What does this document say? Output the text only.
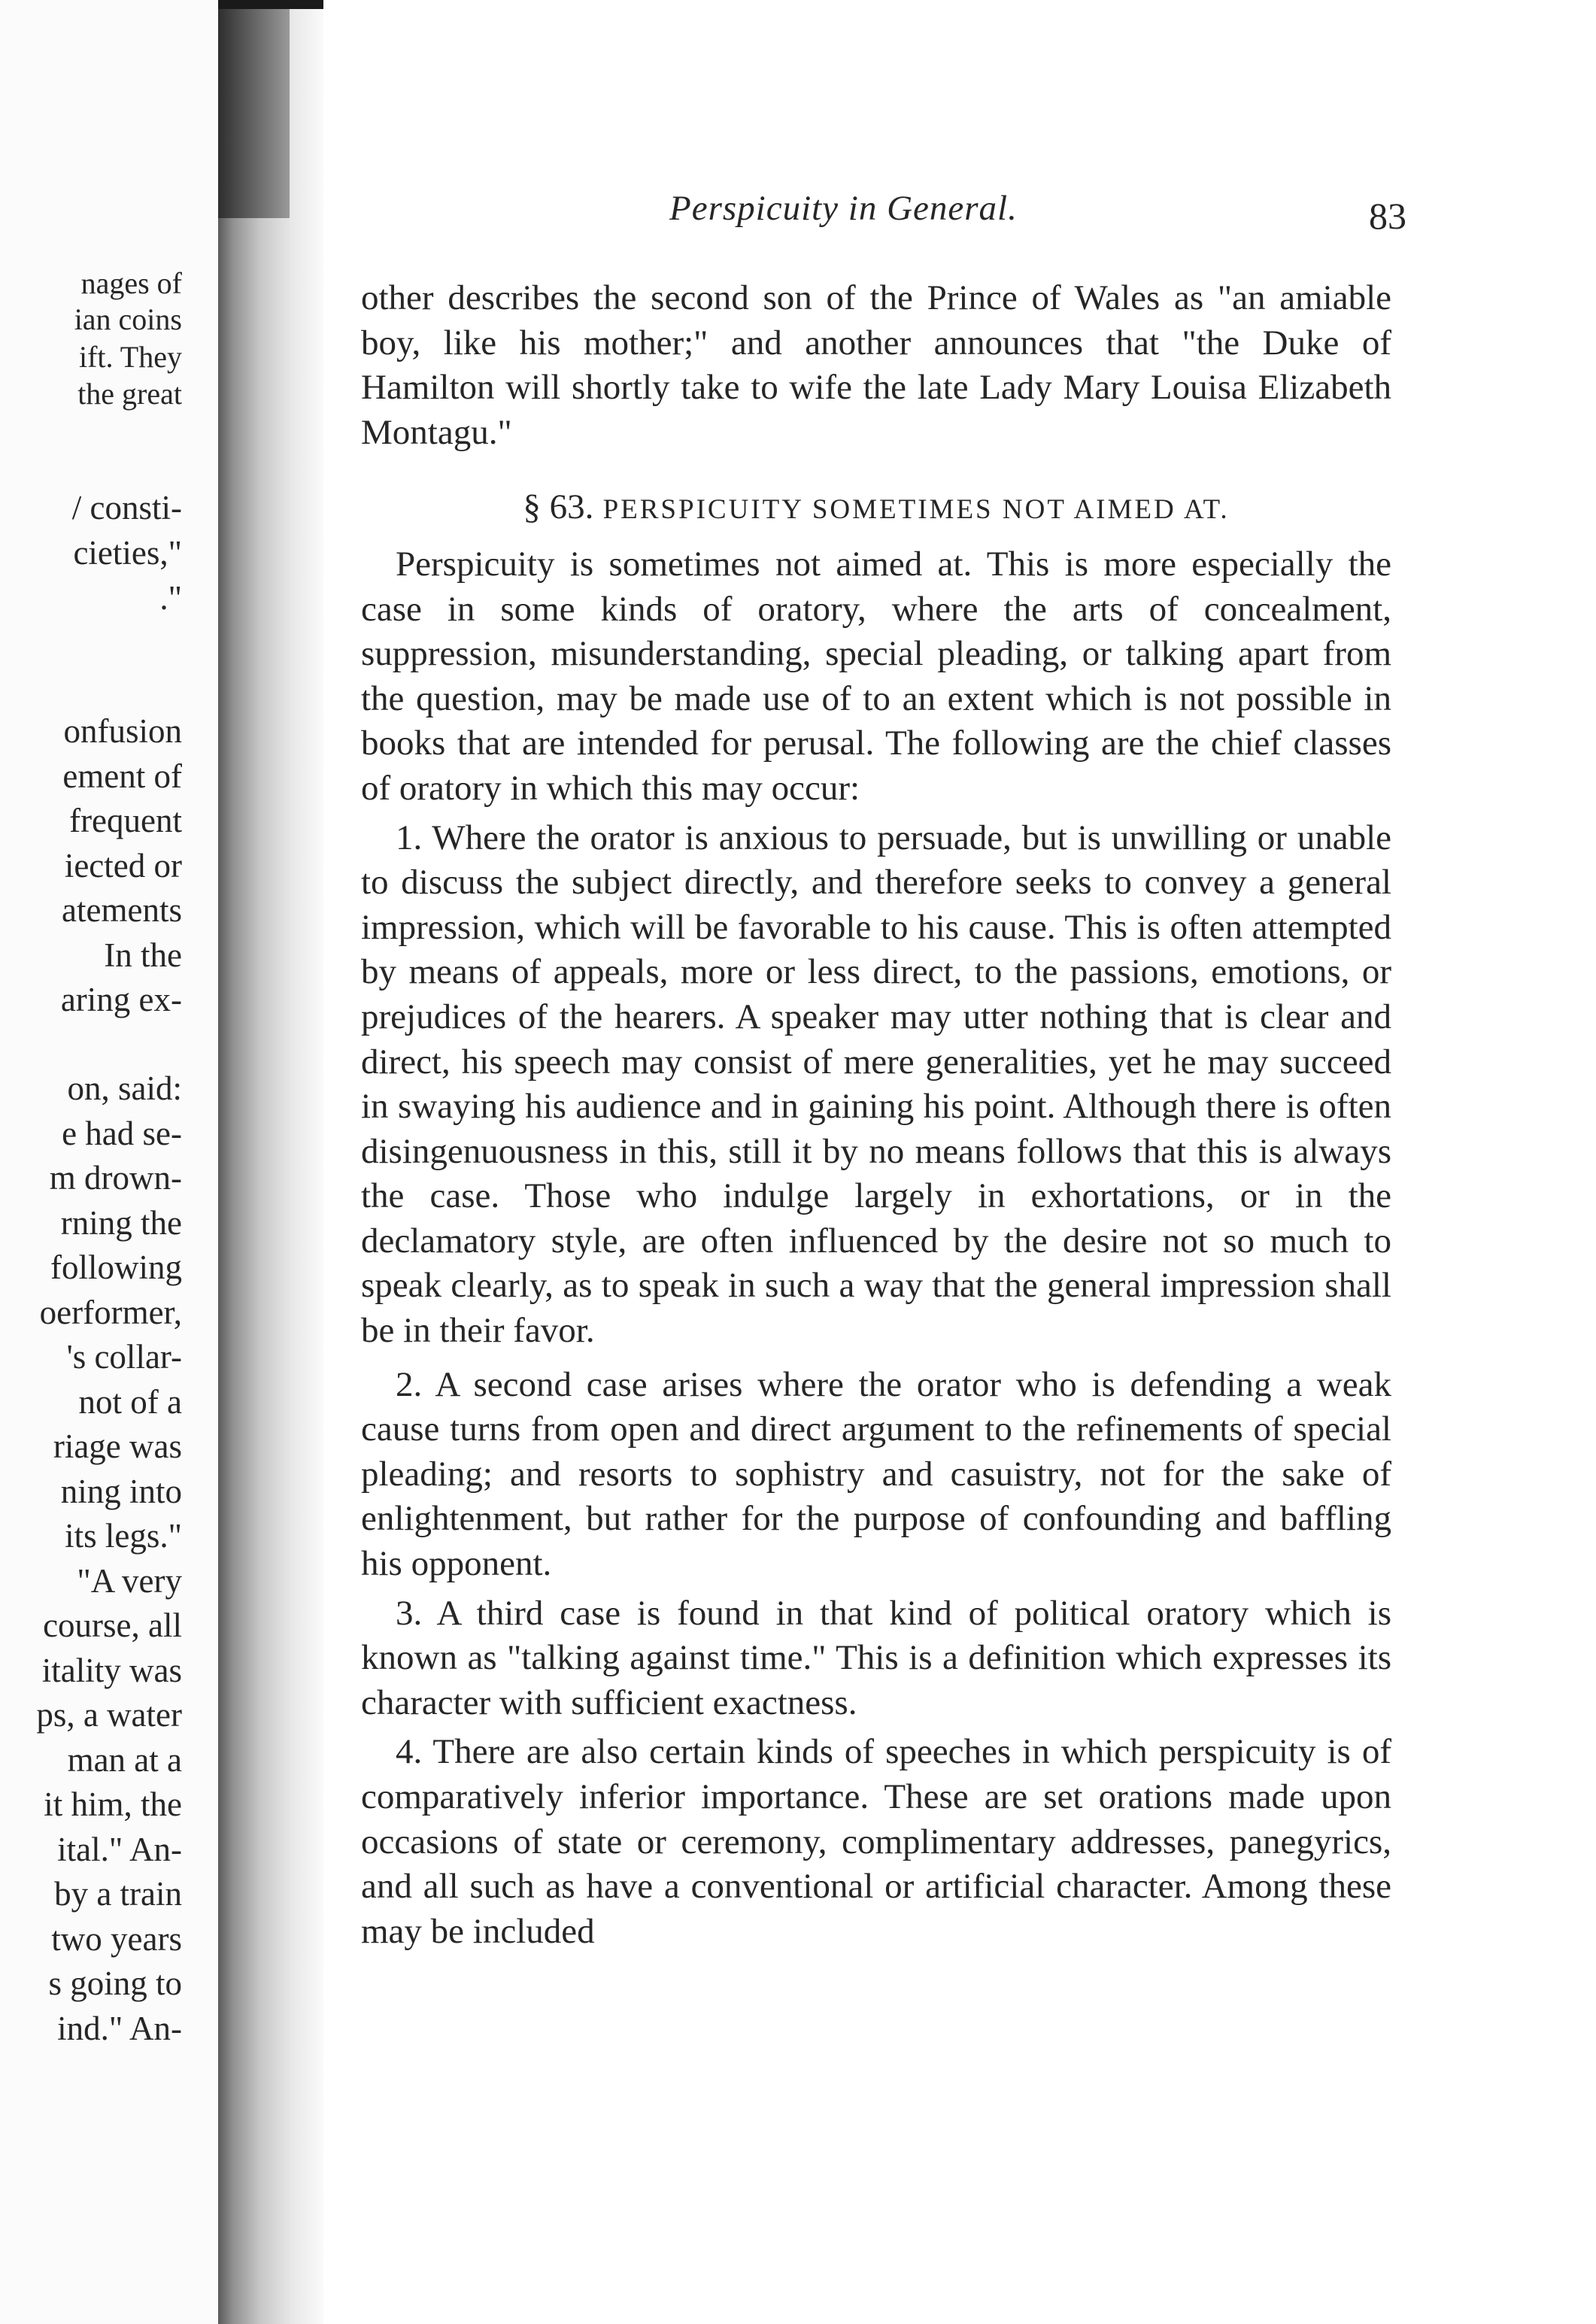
nages of
ian coins
ift. They
the great
/ consti-
cieties,"
."
onfusion
ement of
frequent
iected or
atements
In the
aring ex-
on, said:
e had se-
m drown-
rning the
following
oerformer,
's collar-
not of a
riage was
ning into
its legs."
"A very
course, all
itality was
ps, a water
man at a
it him, the
ital." An-
by a train
two years
s going to
ind." An-
Perspicuity in General.	83

other describes the second son of the Prince of Wales as "an amiable boy, like his mother;" and another announces that "the Duke of Hamilton will shortly take to wife the late Lady Mary Louisa Elizabeth Montagu."

§ 63. PERSPICUITY SOMETIMES NOT AIMED AT.

Perspicuity is sometimes not aimed at. This is more especially the case in some kinds of oratory, where the arts of concealment, suppression, misunderstanding, special pleading, or talking apart from the question, may be made use of to an extent which is not possible in books that are intended for perusal. The following are the chief classes of oratory in which this may occur:

1. Where the orator is anxious to persuade, but is unwilling or unable to discuss the subject directly, and therefore seeks to convey a general impression, which will be favorable to his cause. This is often attempted by means of appeals, more or less direct, to the passions, emotions, or prejudices of the hearers. A speaker may utter nothing that is clear and direct, his speech may consist of mere generalities, yet he may succeed in swaying his audience and in gaining his point. Although there is often disingenuousness in this, still it by no means follows that this is always the case. Those who indulge largely in exhortations, or in the declamatory style, are often influenced by the desire not so much to speak clearly, as to speak in such a way that the general impression shall be in their favor.

2. A second case arises where the orator who is defending a weak cause turns from open and direct argument to the refinements of special pleading; and resorts to sophistry and casuistry, not for the sake of enlightenment, but rather for the purpose of confounding and baffling his opponent.

3. A third case is found in that kind of political oratory which is known as "talking against time." This is a definition which expresses its character with sufficient exactness.

4. There are also certain kinds of speeches in which perspicuity is of comparatively inferior importance. These are set orations made upon occasions of state or ceremony, complimentary addresses, panegyrics, and all such as have a conventional or artificial character. Among these may be included
